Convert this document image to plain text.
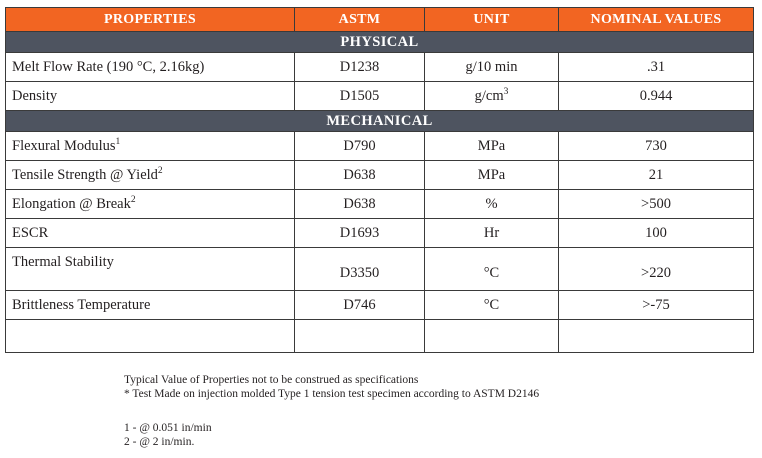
PROPERTIES	ASTM	UNIT	NOMINAL VALUES
PHYSICAL			
Melt Flow Rate (190 °C, 2.16kg)	D1238	g/10 min	.31
Density	D1505	$g/cm^3$	0.944
MECHANICAL			
Flexural Modulus$^1$	D790	MPa	730
Tensile Strength @ Yield$^2$	D638	MPa	21
Elongation @ Break$^2$	D638	%	>500
ESCR	D1693	Hr	100
Thermal Stability	D3350	°C	>220
Brittleness Temperature	D746	°C	>-75

Typical Value of Properties not to be construed as specifications
* Test Made on injection molded Type 1 tension test specimen according to ASTM D2146
1 - @ 0.051 in/min
2 - @ 2 in/min.
